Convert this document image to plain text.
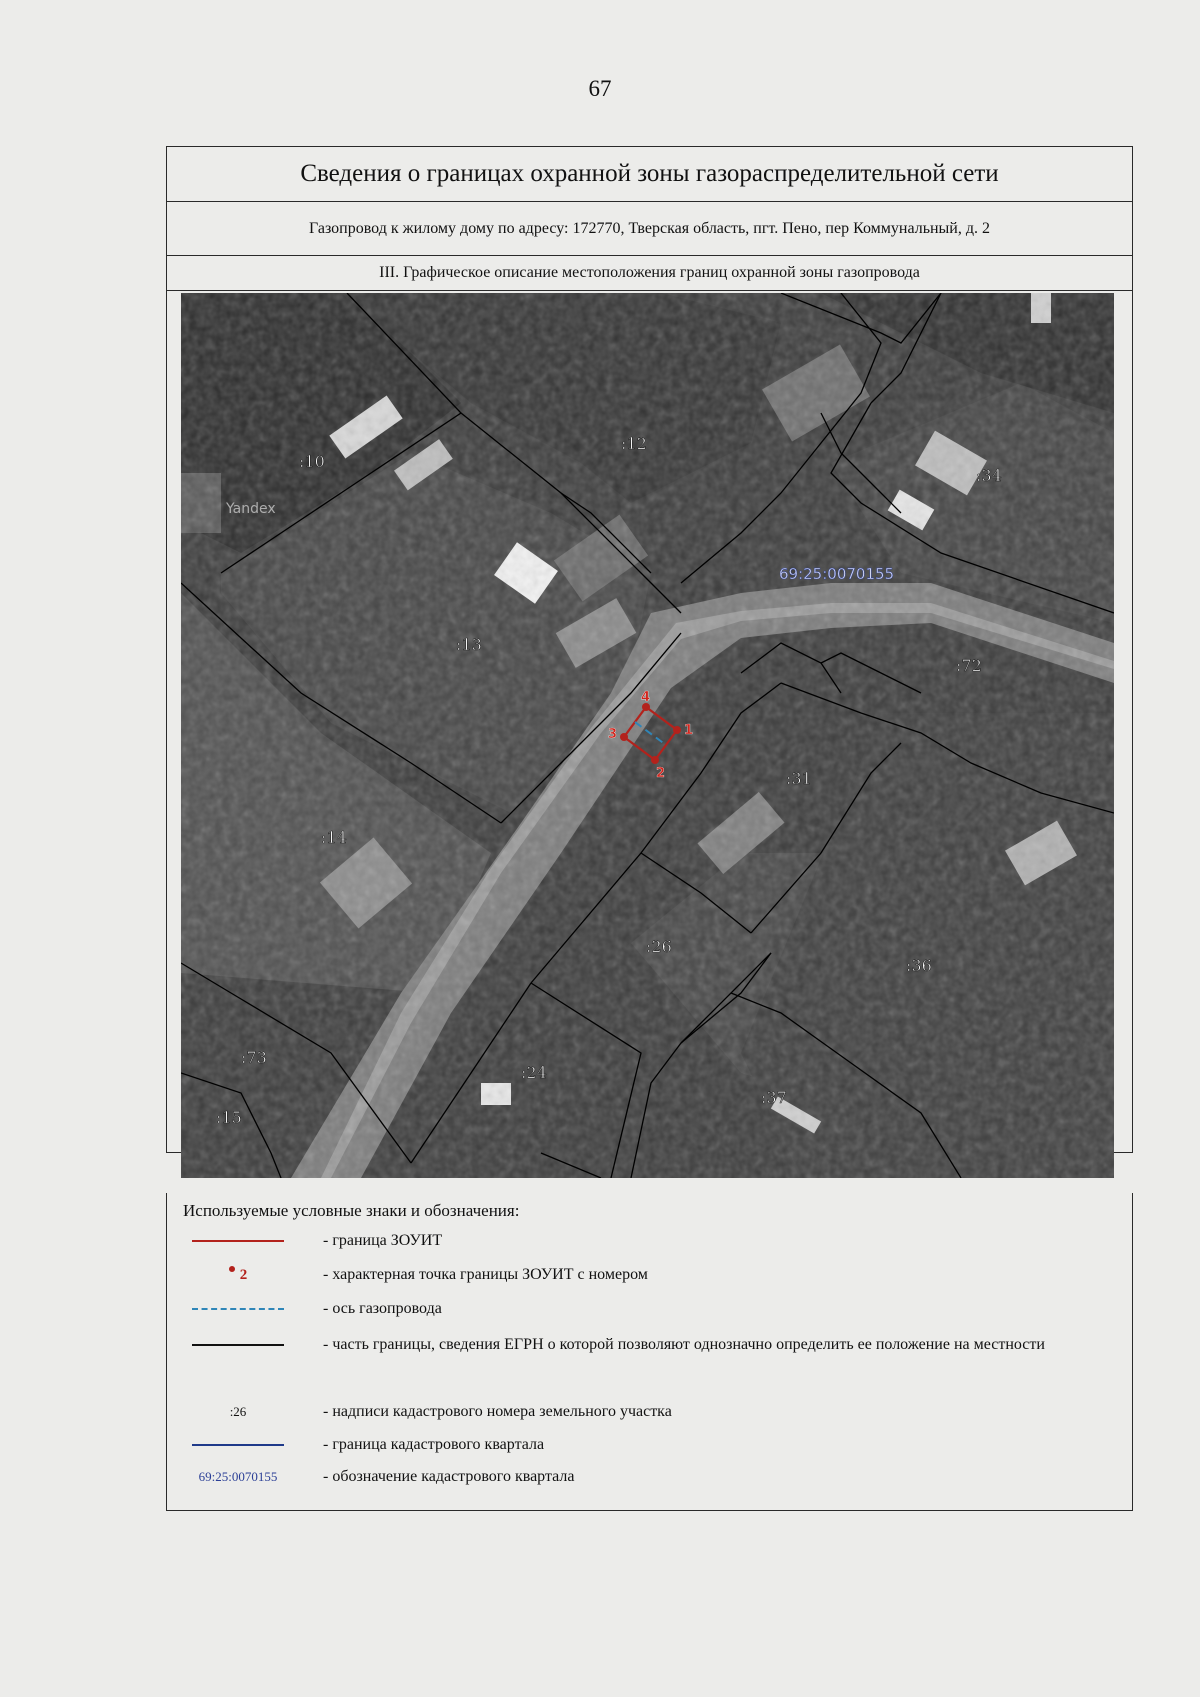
67
Сведения о границах охранной зоны газораспределительной сети
Газопровод к жилому дому по адресу: 172770, Тверская область, пгт. Пено, пер Коммунальный, д. 2
III. Графическое описание местоположения границ охранной зоны газопровода
69:25:0070155
Yandex
:10
:12
:34
:13
:72
:31
:14
:26
:36
:73
:24
:37
:15
1
2
3
4
Используемые условные знаки и обозначения:
- граница ЗОУИТ
2	- характерная точка границы ЗОУИТ с номером
- ось газопровода
- часть границы, сведения ЕГРН о которой позволяют однозначно определить ее положение на местности
:26	- надписи кадастрового номера земельного участка
- граница кадастрового квартала
69:25:0070155	- обозначение кадастрового квартала
